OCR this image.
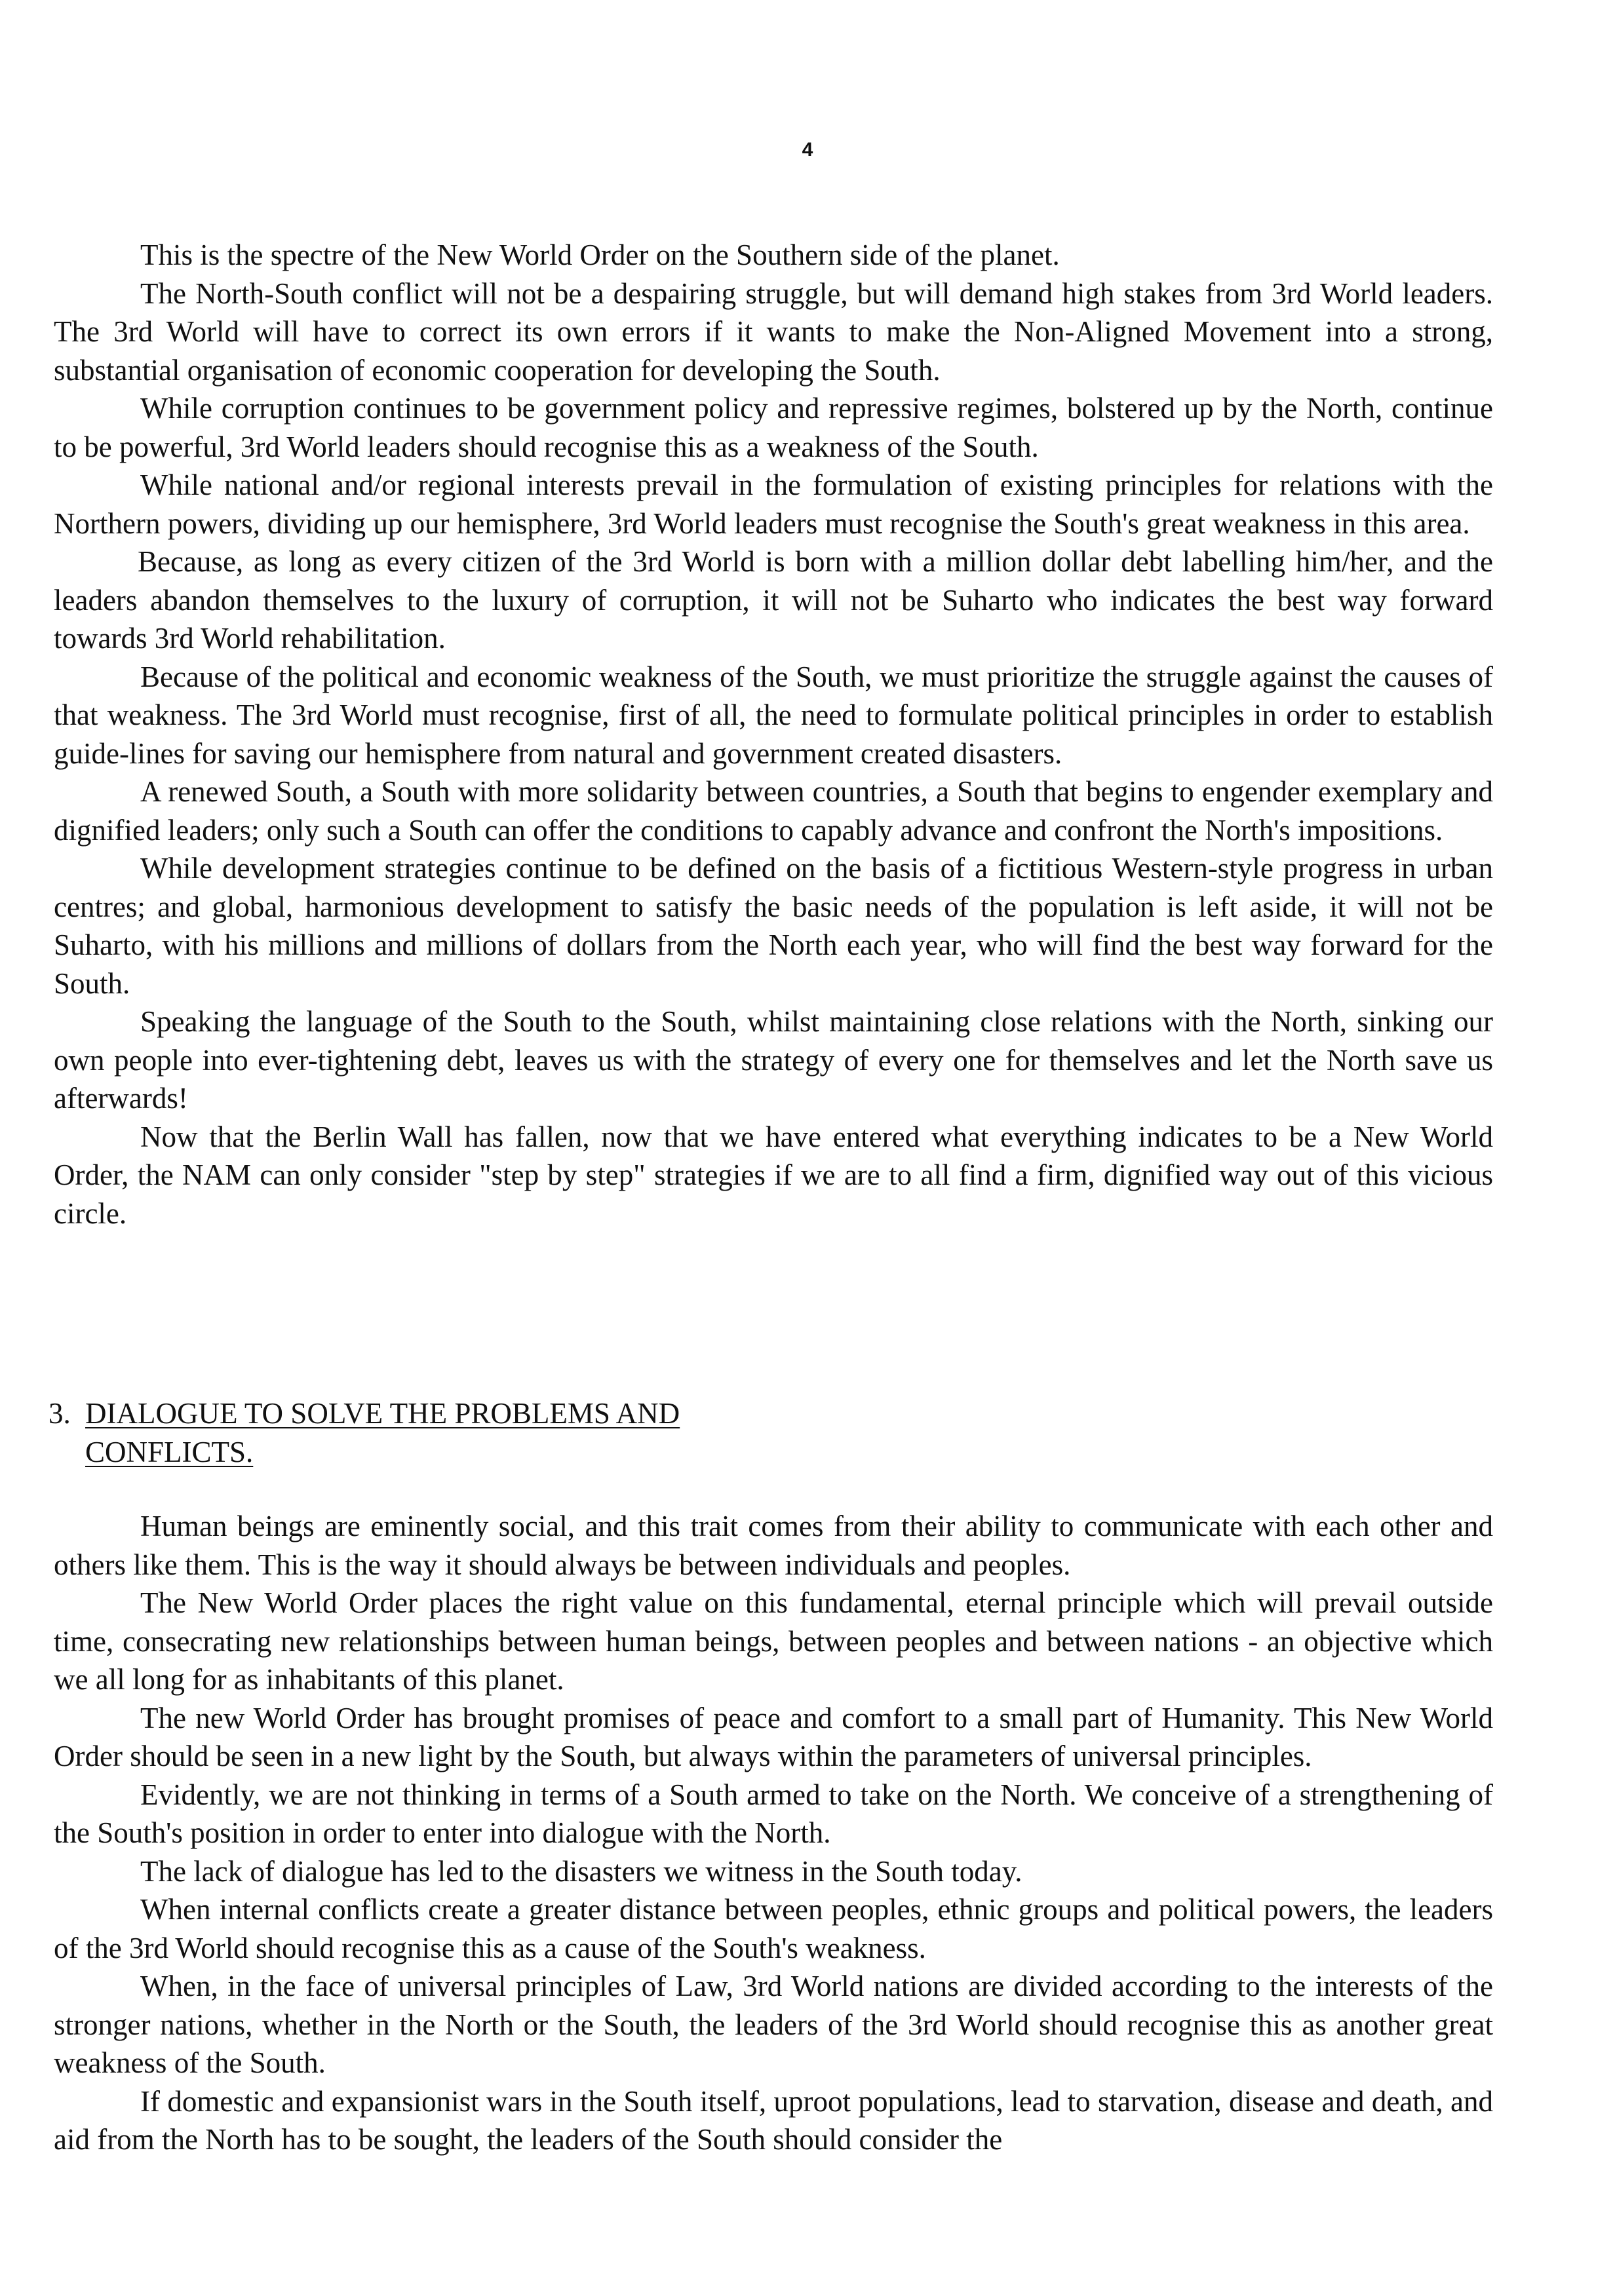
4

This is the spectre of the New World Order on the Southern side of the planet.

The North-South conflict will not be a despairing struggle, but will demand high stakes from 3rd World leaders. The 3rd World will have to correct its own errors if it wants to make the Non-Aligned Movement into a strong, substantial organisation of economic cooperation for developing the South.

While corruption continues to be government policy and repressive regimes, bolstered up by the North, continue to be powerful, 3rd World leaders should recognise this as a weakness of the South.

While national and/or regional interests prevail in the formulation of existing principles for relations with the Northern powers, dividing up our hemisphere, 3rd World leaders must recognise the South's great weakness in this area.

Because, as long as every citizen of the 3rd World is born with a million dollar debt labelling him/her, and the leaders abandon themselves to the luxury of corruption, it will not be Suharto who indicates the best way forward towards 3rd World rehabilitation.

Because of the political and economic weakness of the South, we must prioritize the struggle against the causes of that weakness. The 3rd World must recognise, first of all, the need to formulate political principles in order to establish guide-lines for saving our hemisphere from natural and government created disasters.

A renewed South, a South with more solidarity between countries, a South that begins to engender exemplary and dignified leaders; only such a South can offer the conditions to capably advance and confront the North's impositions.

While development strategies continue to be defined on the basis of a fictitious Western-style progress in urban centres; and global, harmonious development to satisfy the basic needs of the population is left aside, it will not be Suharto, with his millions and millions of dollars from the North each year, who will find the best way forward for the South.

Speaking the language of the South to the South, whilst maintaining close relations with the North, sinking our own people into ever-tightening debt, leaves us with the strategy of every one for themselves and let the North save us afterwards!

Now that the Berlin Wall has fallen, now that we have entered what everything indicates to be a New World Order, the NAM can only consider "step by step" strategies if we are to all find a firm, dignified way out of this vicious circle.

3. DIALOGUE TO SOLVE THE PROBLEMS AND
CONFLICTS.

Human beings are eminently social, and this trait comes from their ability to communicate with each other and others like them. This is the way it should always be between individuals and peoples.

The New World Order places the right value on this fundamental, eternal principle which will prevail outside time, consecrating new relationships between human beings, between peoples and between nations - an objective which we all long for as inhabitants of this planet.

The new World Order has brought promises of peace and comfort to a small part of Humanity. This New World Order should be seen in a new light by the South, but always within the parameters of universal principles.

Evidently, we are not thinking in terms of a South armed to take on the North. We conceive of a strengthening of the South's position in order to enter into dialogue with the North.

The lack of dialogue has led to the disasters we witness in the South today.

When internal conflicts create a greater distance between peoples, ethnic groups and political powers, the leaders of the 3rd World should recognise this as a cause of the South's weakness.

When, in the face of universal principles of Law, 3rd World nations are divided according to the interests of the stronger nations, whether in the North or the South, the leaders of the 3rd World should recognise this as another great weakness of the South.

If domestic and expansionist wars in the South itself, uproot populations, lead to starvation, disease and death, and aid from the North has to be sought, the leaders of the South should consider the
